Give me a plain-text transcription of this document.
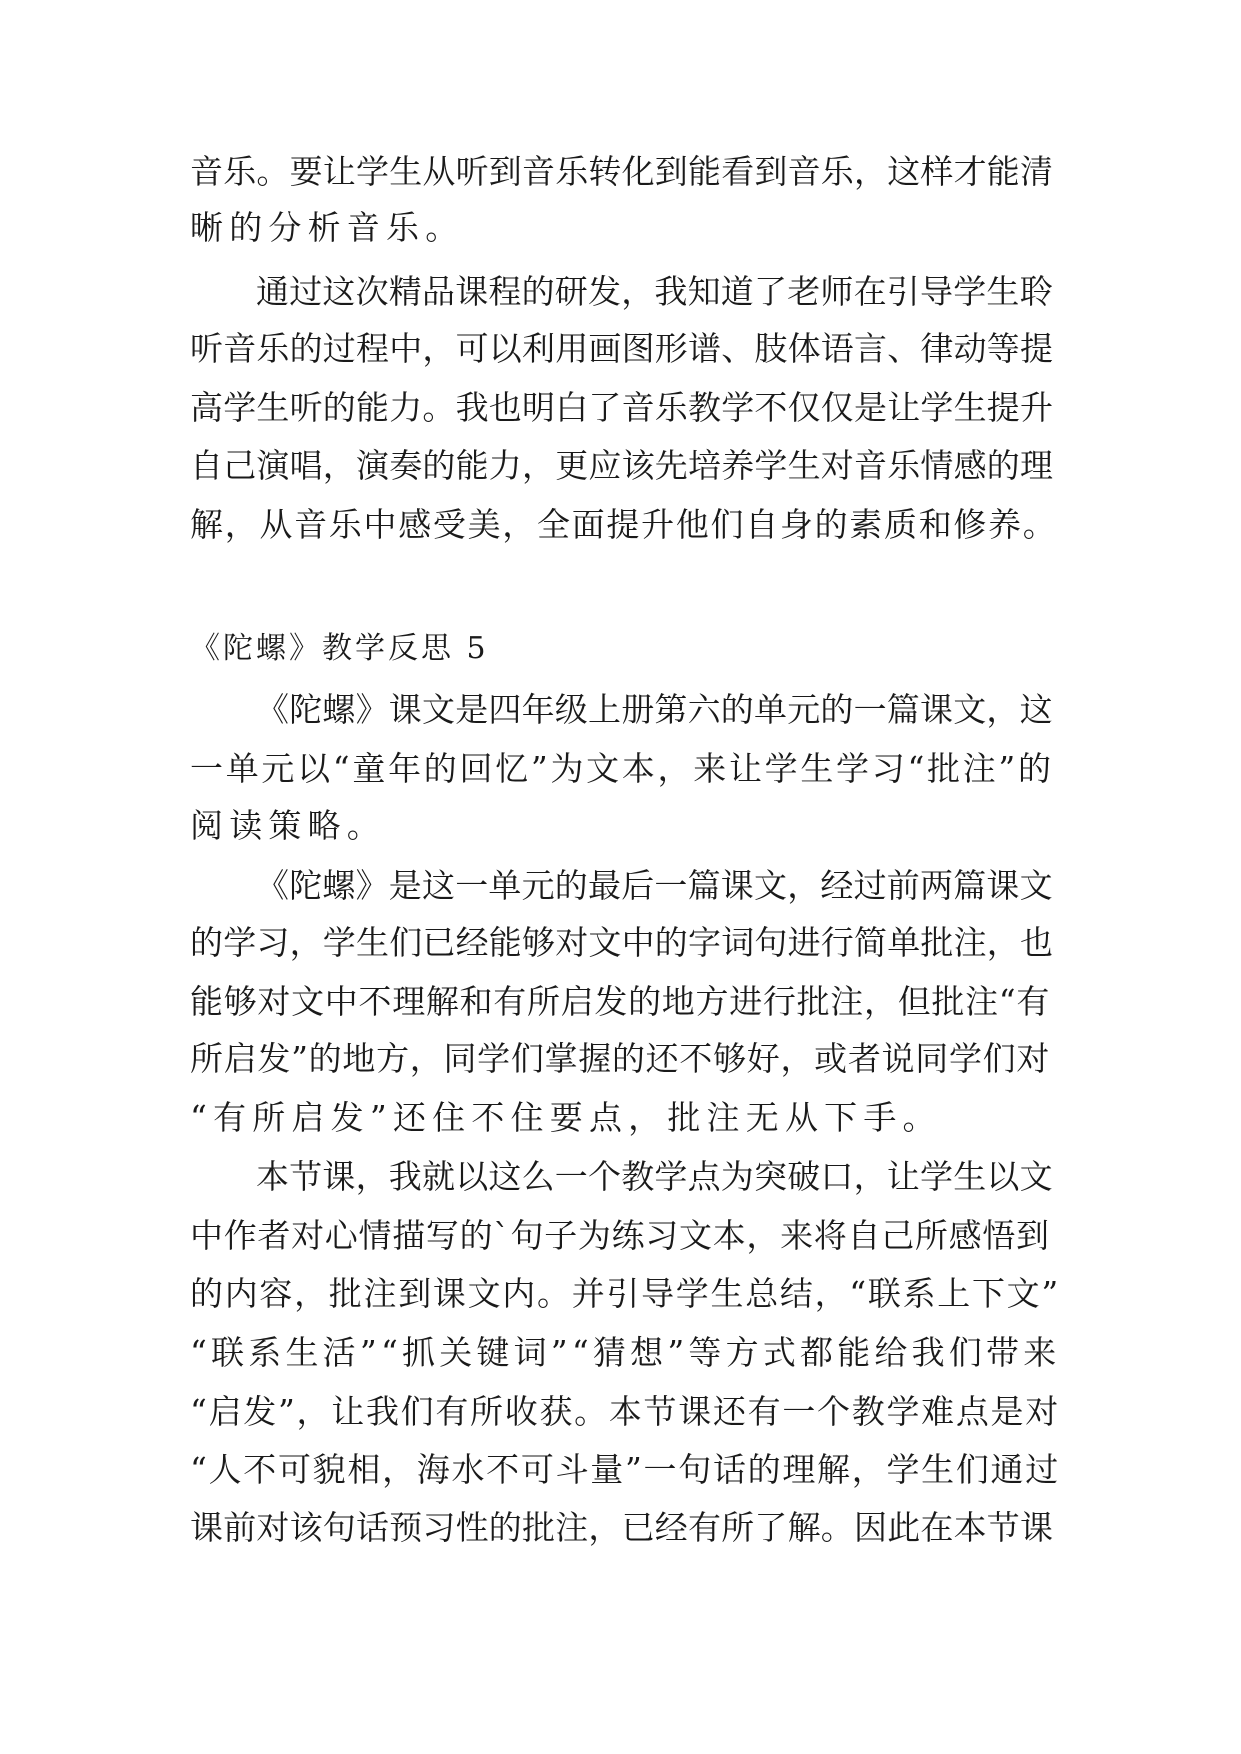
音乐。要让学生从听到音乐转化到能看到音乐，这样才能清
晰的分析音乐。
通过这次精品课程的研发，我知道了老师在引导学生聆
听音乐的过程中，可以利用画图形谱、肢体语言、律动等提
高学生听的能力。我也明白了音乐教学不仅仅是让学生提升
自己演唱，演奏的能力，更应该先培养学生对音乐情感的理
解，从音乐中感受美，全面提升他们自身的素质和修养。
《陀螺》教学反思 5
《陀螺》课文是四年级上册第六的单元的一篇课文，这
一单元以“童年的回忆”为文本，来让学生学习“批注”的
阅读策略。
《陀螺》是这一单元的最后一篇课文，经过前两篇课文
的学习，学生们已经能够对文中的字词句进行简单批注，也
能够对文中不理解和有所启发的地方进行批注，但批注“有
所启发”的地方，同学们掌握的还不够好，或者说同学们对
“有所启发”还住不住要点，批注无从下手。
本节课，我就以这么一个教学点为突破口，让学生以文
中作者对心情描写的`句子为练习文本，来将自己所感悟到
的内容，批注到课文内。并引导学生总结，“联系上下文”
“联系生活”“抓关键词”“猜想”等方式都能给我们带来
“启发”，让我们有所收获。本节课还有一个教学难点是对
“人不可貌相，海水不可斗量”一句话的理解，学生们通过
课前对该句话预习性的批注，已经有所了解。因此在本节课
